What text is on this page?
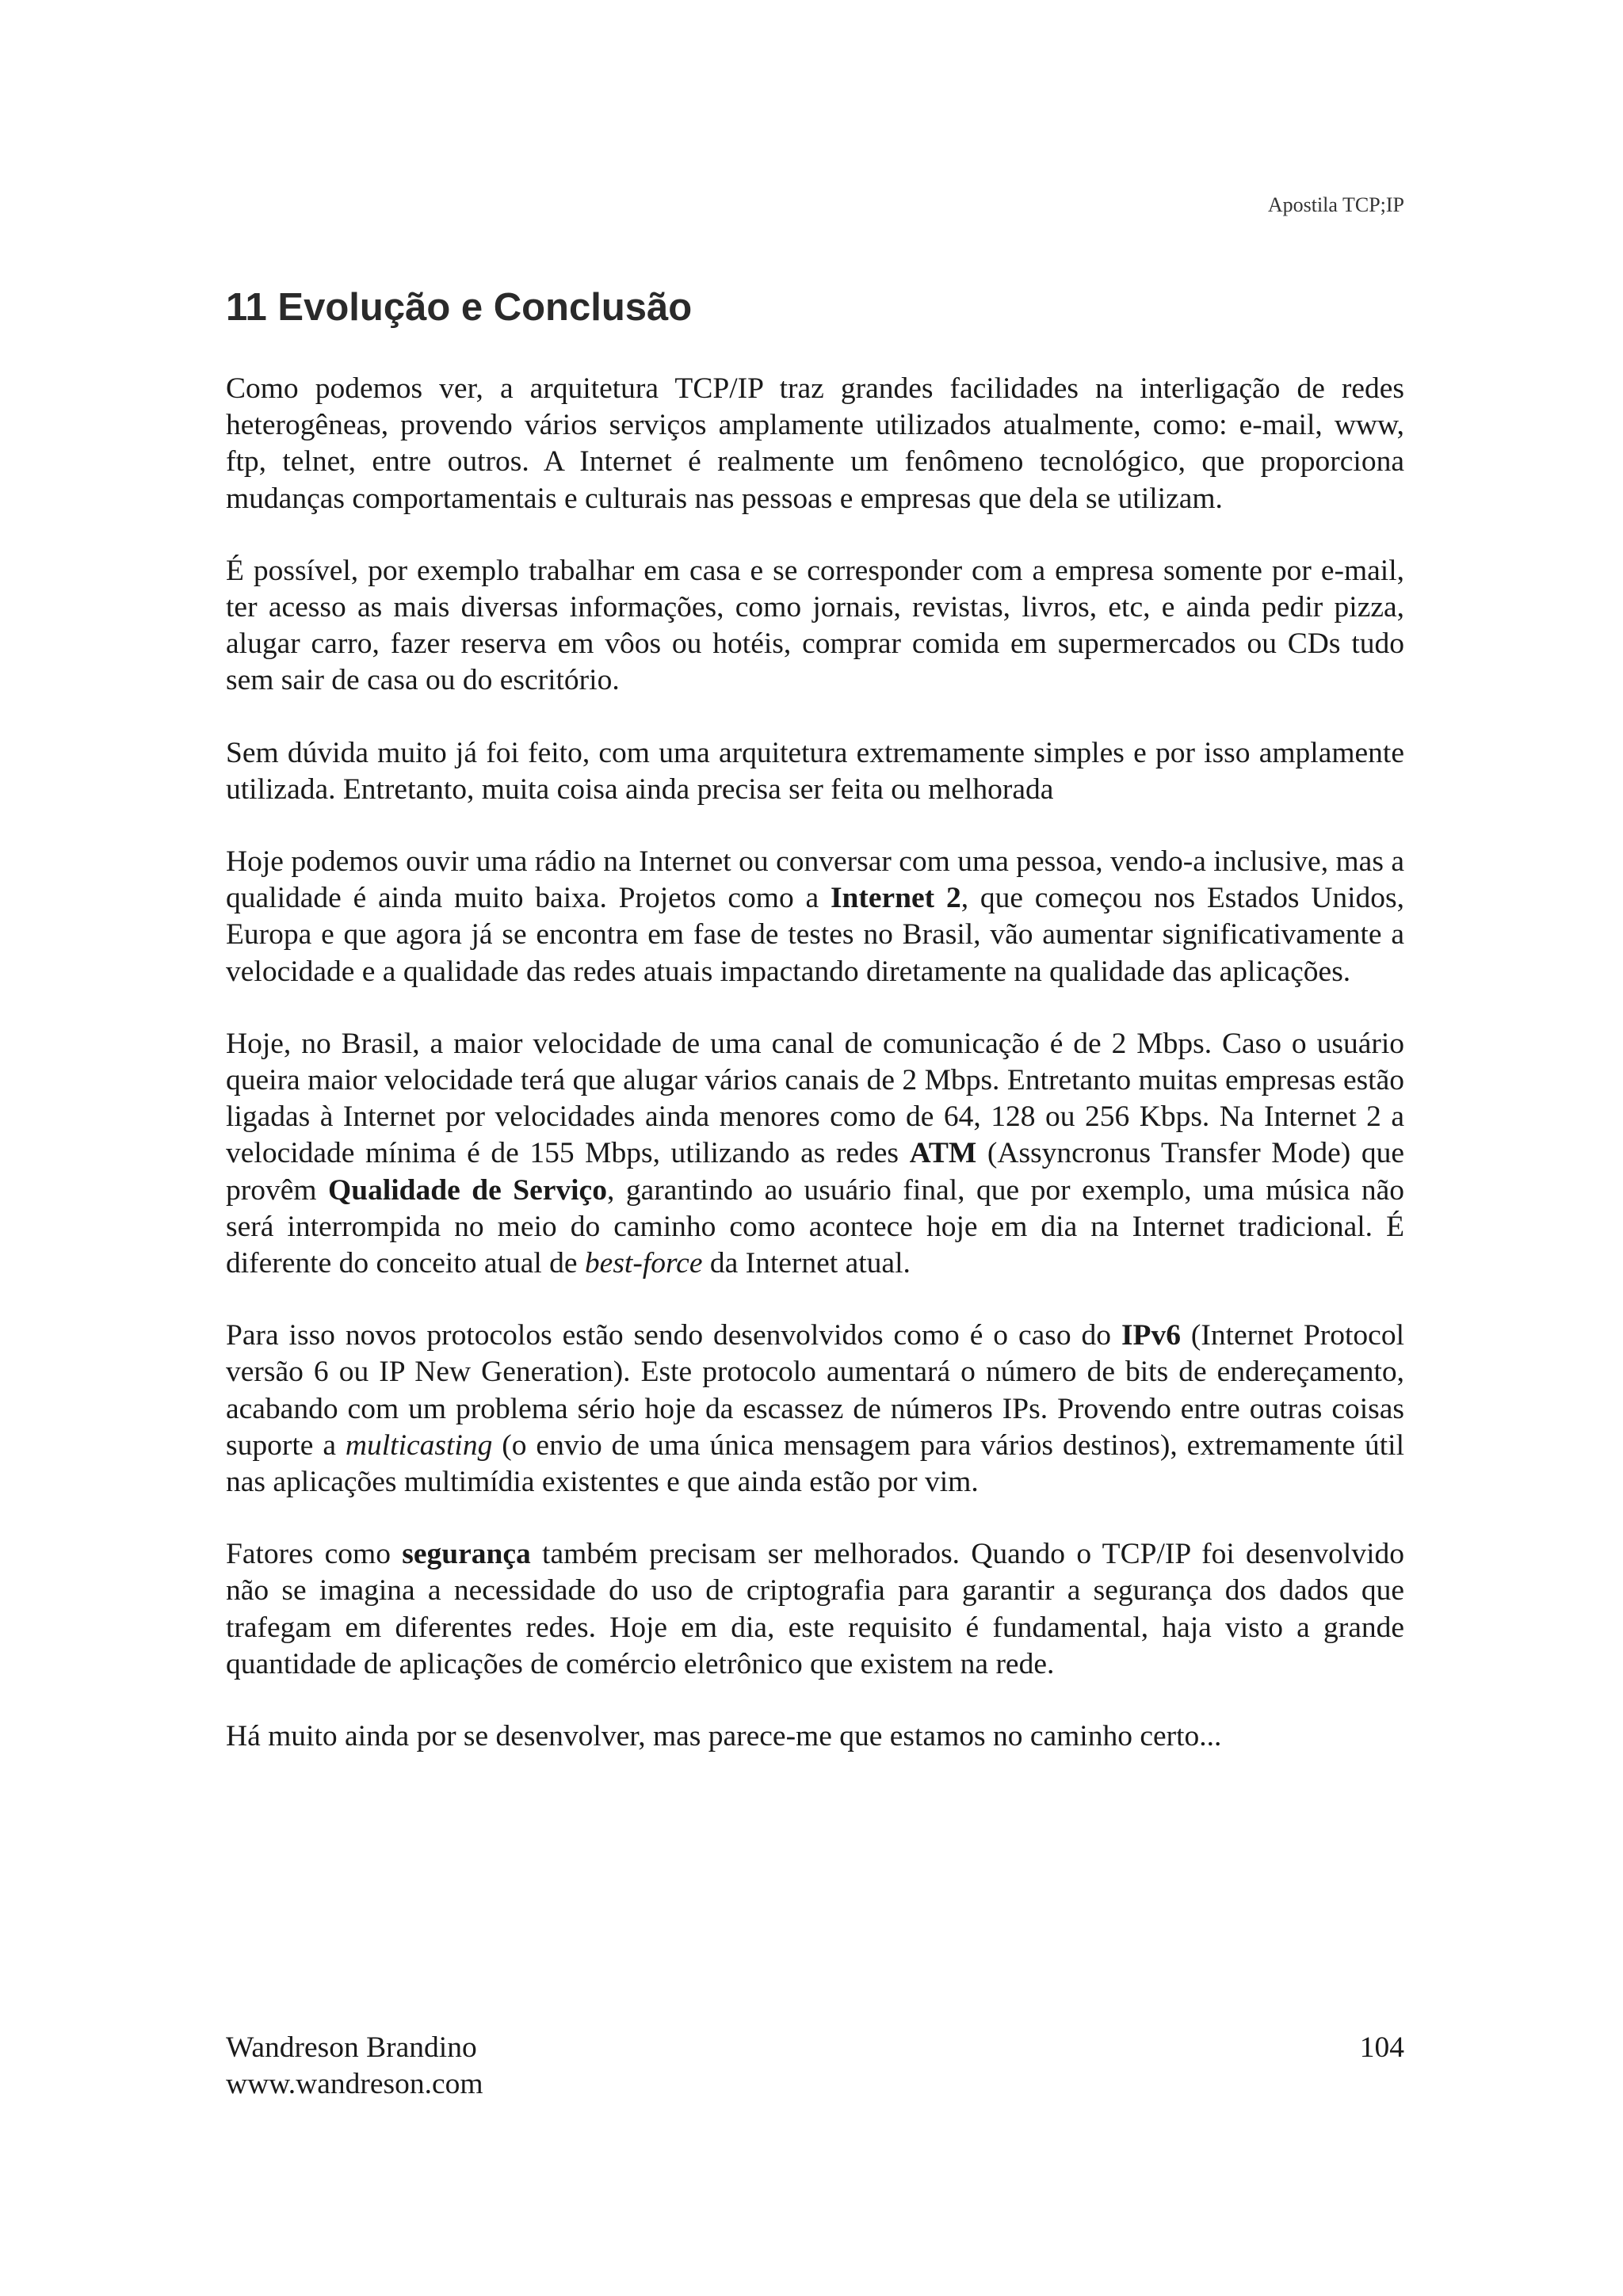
Apostila TCP;IP
11 Evolução e Conclusão

Como podemos ver, a arquitetura TCP/IP traz grandes facilidades na interligação de redes heterogêneas, provendo vários serviços amplamente utilizados atualmente, como: e-mail, www, ftp, telnet, entre outros. A Internet é realmente um fenômeno tecnológico, que proporciona mudanças comportamentais e culturais nas pessoas e empresas que dela se utilizam.

É possível, por exemplo trabalhar em casa e se corresponder com a empresa somente por e-mail, ter acesso as mais diversas informações, como jornais, revistas, livros, etc, e ainda pedir pizza, alugar carro, fazer reserva em vôos ou hotéis, comprar comida em supermercados ou CDs tudo sem sair de casa ou do escritório.

Sem dúvida muito já foi feito, com uma arquitetura extremamente simples e por isso amplamente utilizada. Entretanto, muita coisa ainda precisa ser feita ou melhorada

Hoje podemos ouvir uma rádio na Internet ou conversar com uma pessoa, vendo-a inclusive, mas a qualidade é ainda muito baixa. Projetos como a Internet 2, que começou nos Estados Unidos, Europa e que agora já se encontra em fase de testes no Brasil, vão aumentar significativamente a velocidade e a qualidade das redes atuais impactando diretamente na qualidade das aplicações.

Hoje, no Brasil, a maior velocidade de uma canal de comunicação é de 2 Mbps. Caso o usuário queira maior velocidade terá que alugar vários canais de 2 Mbps. Entretanto muitas empresas estão ligadas à Internet por velocidades ainda menores como de 64, 128 ou 256 Kbps. Na Internet 2 a velocidade mínima é de 155 Mbps, utilizando as redes ATM (Assyncronus Transfer Mode) que provêm Qualidade de Serviço, garantindo ao usuário final, que por exemplo, uma música não será interrompida no meio do caminho como acontece hoje em dia na Internet tradicional. É diferente do conceito atual de best-force da Internet atual.

Para isso novos protocolos estão sendo desenvolvidos como é o caso do IPv6 (Internet Protocol versão 6 ou IP New Generation). Este protocolo aumentará o número de bits de endereçamento, acabando com um problema sério hoje da escassez de números IPs. Provendo entre outras coisas suporte a multicasting (o envio de uma única mensagem para vários destinos), extremamente útil nas aplicações multimídia existentes e que ainda estão por vim.

Fatores como segurança também precisam ser melhorados. Quando o TCP/IP foi desenvolvido não se imagina a necessidade do uso de criptografia para garantir a segurança dos dados que trafegam em diferentes redes. Hoje em dia, este requisito é fundamental, haja visto a grande quantidade de aplicações de comércio eletrônico que existem na rede.

Há muito ainda por se desenvolver, mas parece-me que estamos no caminho certo...

Wandreson Brandino
www.wandreson.com
104
